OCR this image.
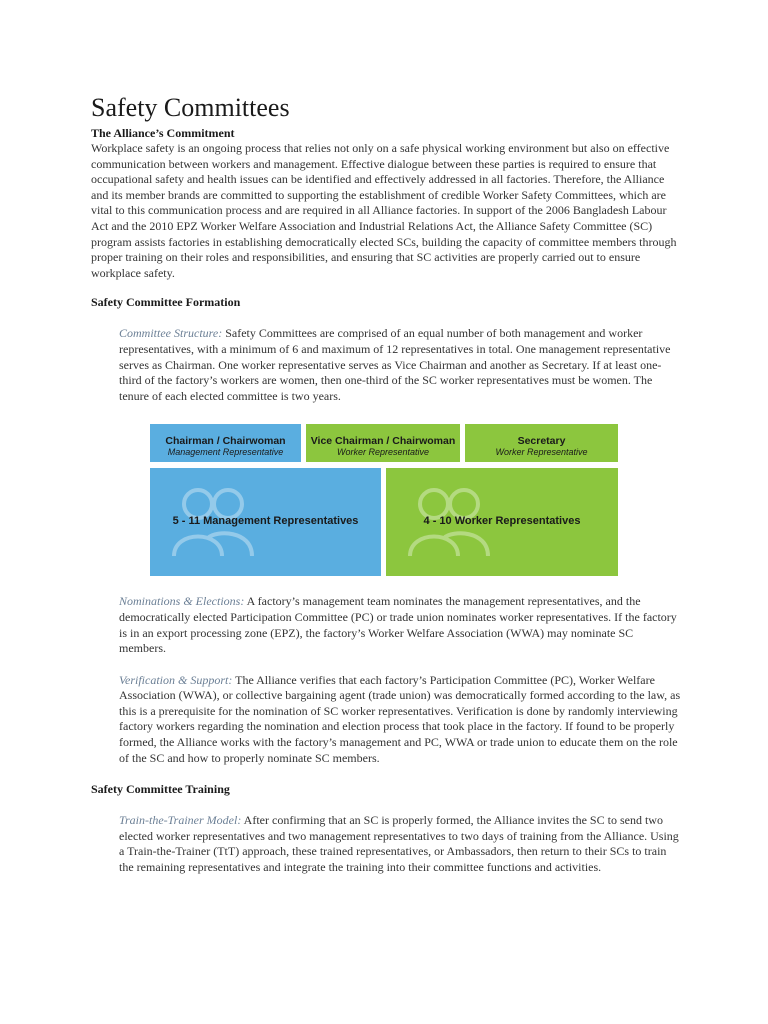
Safety Committees
The Alliance’s Commitment

Workplace safety is an ongoing process that relies not only on a safe physical working environment but also on effective communication between workers and management. Effective dialogue between these parties is required to ensure that occupational safety and health issues can be identified and effectively addressed in all factories. Therefore, the Alliance and its member brands are committed to supporting the establishment of credible Worker Safety Committees, which are vital to this communication process and are required in all Alliance factories. In support of the 2006 Bangladesh Labour Act and the 2010 EPZ Worker Welfare Association and Industrial Relations Act, the Alliance Safety Committee (SC) program assists factories in establishing democratically elected SCs, building the capacity of committee members through proper training on their roles and responsibilities, and ensuring that SC activities are properly carried out to ensure workplace safety.

Safety Committee Formation

Committee Structure: Safety Committees are comprised of an equal number of both management and worker representatives, with a minimum of 6 and maximum of 12 representatives in total. One management representative serves as Chairman. One worker representative serves as Vice Chairman and another as Secretary. If at least one-third of the factory’s workers are women, then one-third of the SC worker representatives must be women. The tenure of each elected committee is two years.

Chairman / Chairwoman
Management Representative
Vice Chairman / Chairwoman
Worker Representative
Secretary
Worker Representative
5 - 11 Management Representatives	4 - 10 Worker Representatives

Nominations & Elections: A factory’s management team nominates the management representatives, and the democratically elected Participation Committee (PC) or trade union nominates worker representatives. If the factory is in an export processing zone (EPZ), the factory’s Worker Welfare Association (WWA) may nominate SC members.

Verification & Support: The Alliance verifies that each factory’s Participation Committee (PC), Worker Welfare Association (WWA), or collective bargaining agent (trade union) was democratically formed according to the law, as this is a prerequisite for the nomination of SC worker representatives. Verification is done by randomly interviewing factory workers regarding the nomination and election process that took place in the factory. If found to be properly formed, the Alliance works with the factory’s management and PC, WWA or trade union to educate them on the role of the SC and how to properly nominate SC members.

Safety Committee Training

Train-the-Trainer Model: After confirming that an SC is properly formed, the Alliance invites the SC to send two elected worker representatives and two management representatives to two days of training from the Alliance. Using a Train-the-Trainer (TtT) approach, these trained representatives, or Ambassadors, then return to their SCs to train the remaining representatives and integrate the training into their committee functions and activities.
